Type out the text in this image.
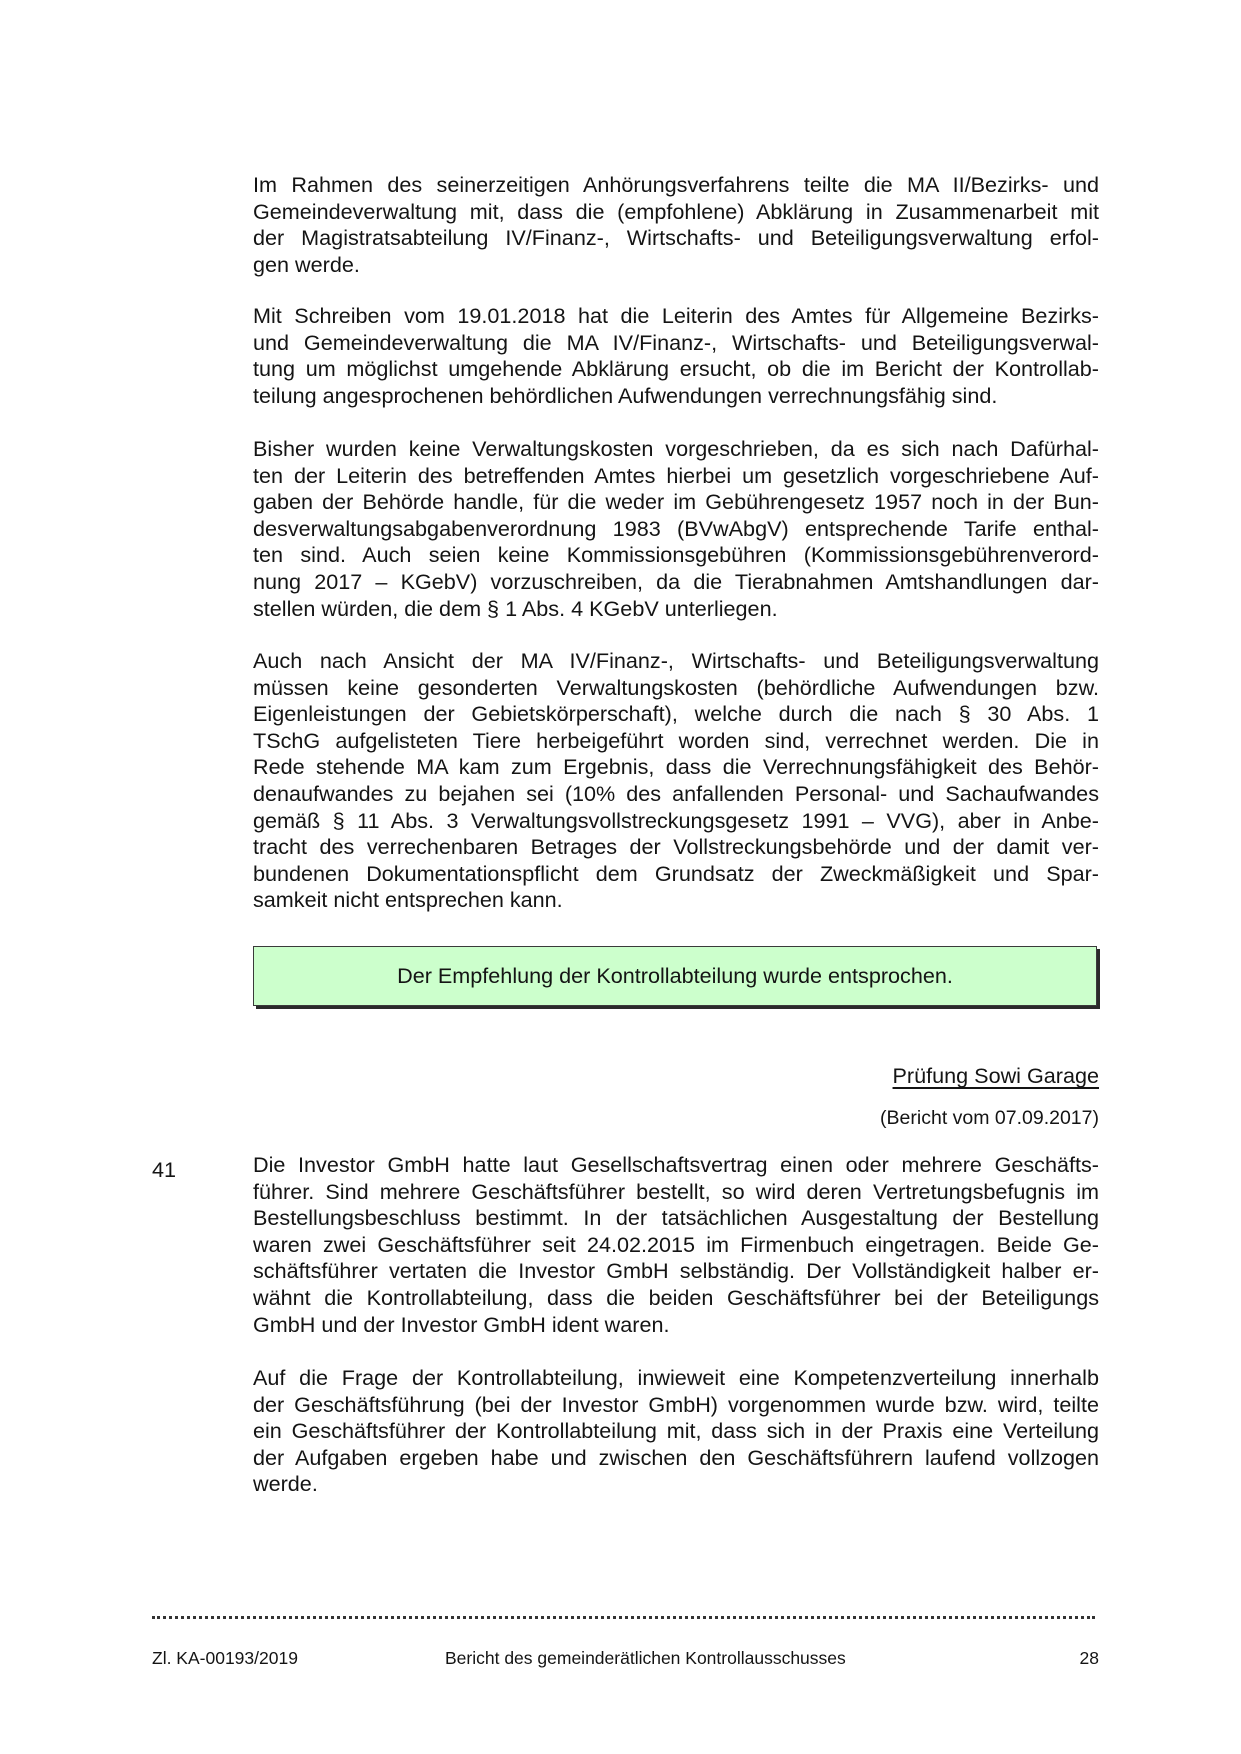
Im Rahmen des seinerzeitigen Anhörungsverfahrens teilte die MA II/Bezirks- und
Gemeindeverwaltung mit, dass die (empfohlene) Abklärung in Zusammenarbeit mit
der Magistratsabteilung IV/Finanz-, Wirtschafts- und Beteiligungsverwaltung erfol-
gen werde.
Mit Schreiben vom 19.01.2018 hat die Leiterin des Amtes für Allgemeine Bezirks-
und Gemeindeverwaltung die MA IV/Finanz-, Wirtschafts- und Beteiligungsverwal-
tung um möglichst umgehende Abklärung ersucht, ob die im Bericht der Kontrollab-
teilung angesprochenen behördlichen Aufwendungen verrechnungsfähig sind.
Bisher wurden keine Verwaltungskosten vorgeschrieben, da es sich nach Dafürhal-
ten der Leiterin des betreffenden Amtes hierbei um gesetzlich vorgeschriebene Auf-
gaben der Behörde handle, für die weder im Gebührengesetz 1957 noch in der Bun-
desverwaltungsabgabenverordnung 1983 (BVwAbgV) entsprechende Tarife enthal-
ten sind. Auch seien keine Kommissionsgebühren (Kommissionsgebührenverord-
nung 2017 – KGebV) vorzuschreiben, da die Tierabnahmen Amtshandlungen dar-
stellen würden, die dem § 1 Abs. 4 KGebV unterliegen.
Auch nach Ansicht der MA IV/Finanz-, Wirtschafts- und Beteiligungsverwaltung
müssen keine gesonderten Verwaltungskosten (behördliche Aufwendungen bzw.
Eigenleistungen der Gebietskörperschaft), welche durch die nach § 30 Abs. 1
TSchG aufgelisteten Tiere herbeigeführt worden sind, verrechnet werden. Die in
Rede stehende MA kam zum Ergebnis, dass die Verrechnungsfähigkeit des Behör-
denaufwandes zu bejahen sei (10% des anfallenden Personal- und Sachaufwandes
gemäß § 11 Abs. 3 Verwaltungsvollstreckungsgesetz 1991 – VVG), aber in Anbe-
tracht des verrechenbaren Betrages der Vollstreckungsbehörde und der damit ver-
bundenen Dokumentationspflicht dem Grundsatz der Zweckmäßigkeit und Spar-
samkeit nicht entsprechen kann.
Der Empfehlung der Kontrollabteilung wurde entsprochen.
Prüfung Sowi Garage
(Bericht vom 07.09.2017)
41	Die Investor GmbH hatte laut Gesellschaftsvertrag einen oder mehrere Geschäfts-
führer. Sind mehrere Geschäftsführer bestellt, so wird deren Vertretungsbefugnis im
Bestellungsbeschluss bestimmt. In der tatsächlichen Ausgestaltung der Bestellung
waren zwei Geschäftsführer seit 24.02.2015 im Firmenbuch eingetragen. Beide Ge-
schäftsführer vertaten die Investor GmbH selbständig. Der Vollständigkeit halber er-
wähnt die Kontrollabteilung, dass die beiden Geschäftsführer bei der Beteiligungs
GmbH und der Investor GmbH ident waren.
Auf die Frage der Kontrollabteilung, inwieweit eine Kompetenzverteilung innerhalb
der Geschäftsführung (bei der Investor GmbH) vorgenommen wurde bzw. wird, teilte
ein Geschäftsführer der Kontrollabteilung mit, dass sich in der Praxis eine Verteilung
der Aufgaben ergeben habe und zwischen den Geschäftsführern laufend vollzogen
werde.
Zl. KA-00193/2019	Bericht des gemeinderätlichen Kontrollausschusses	28
